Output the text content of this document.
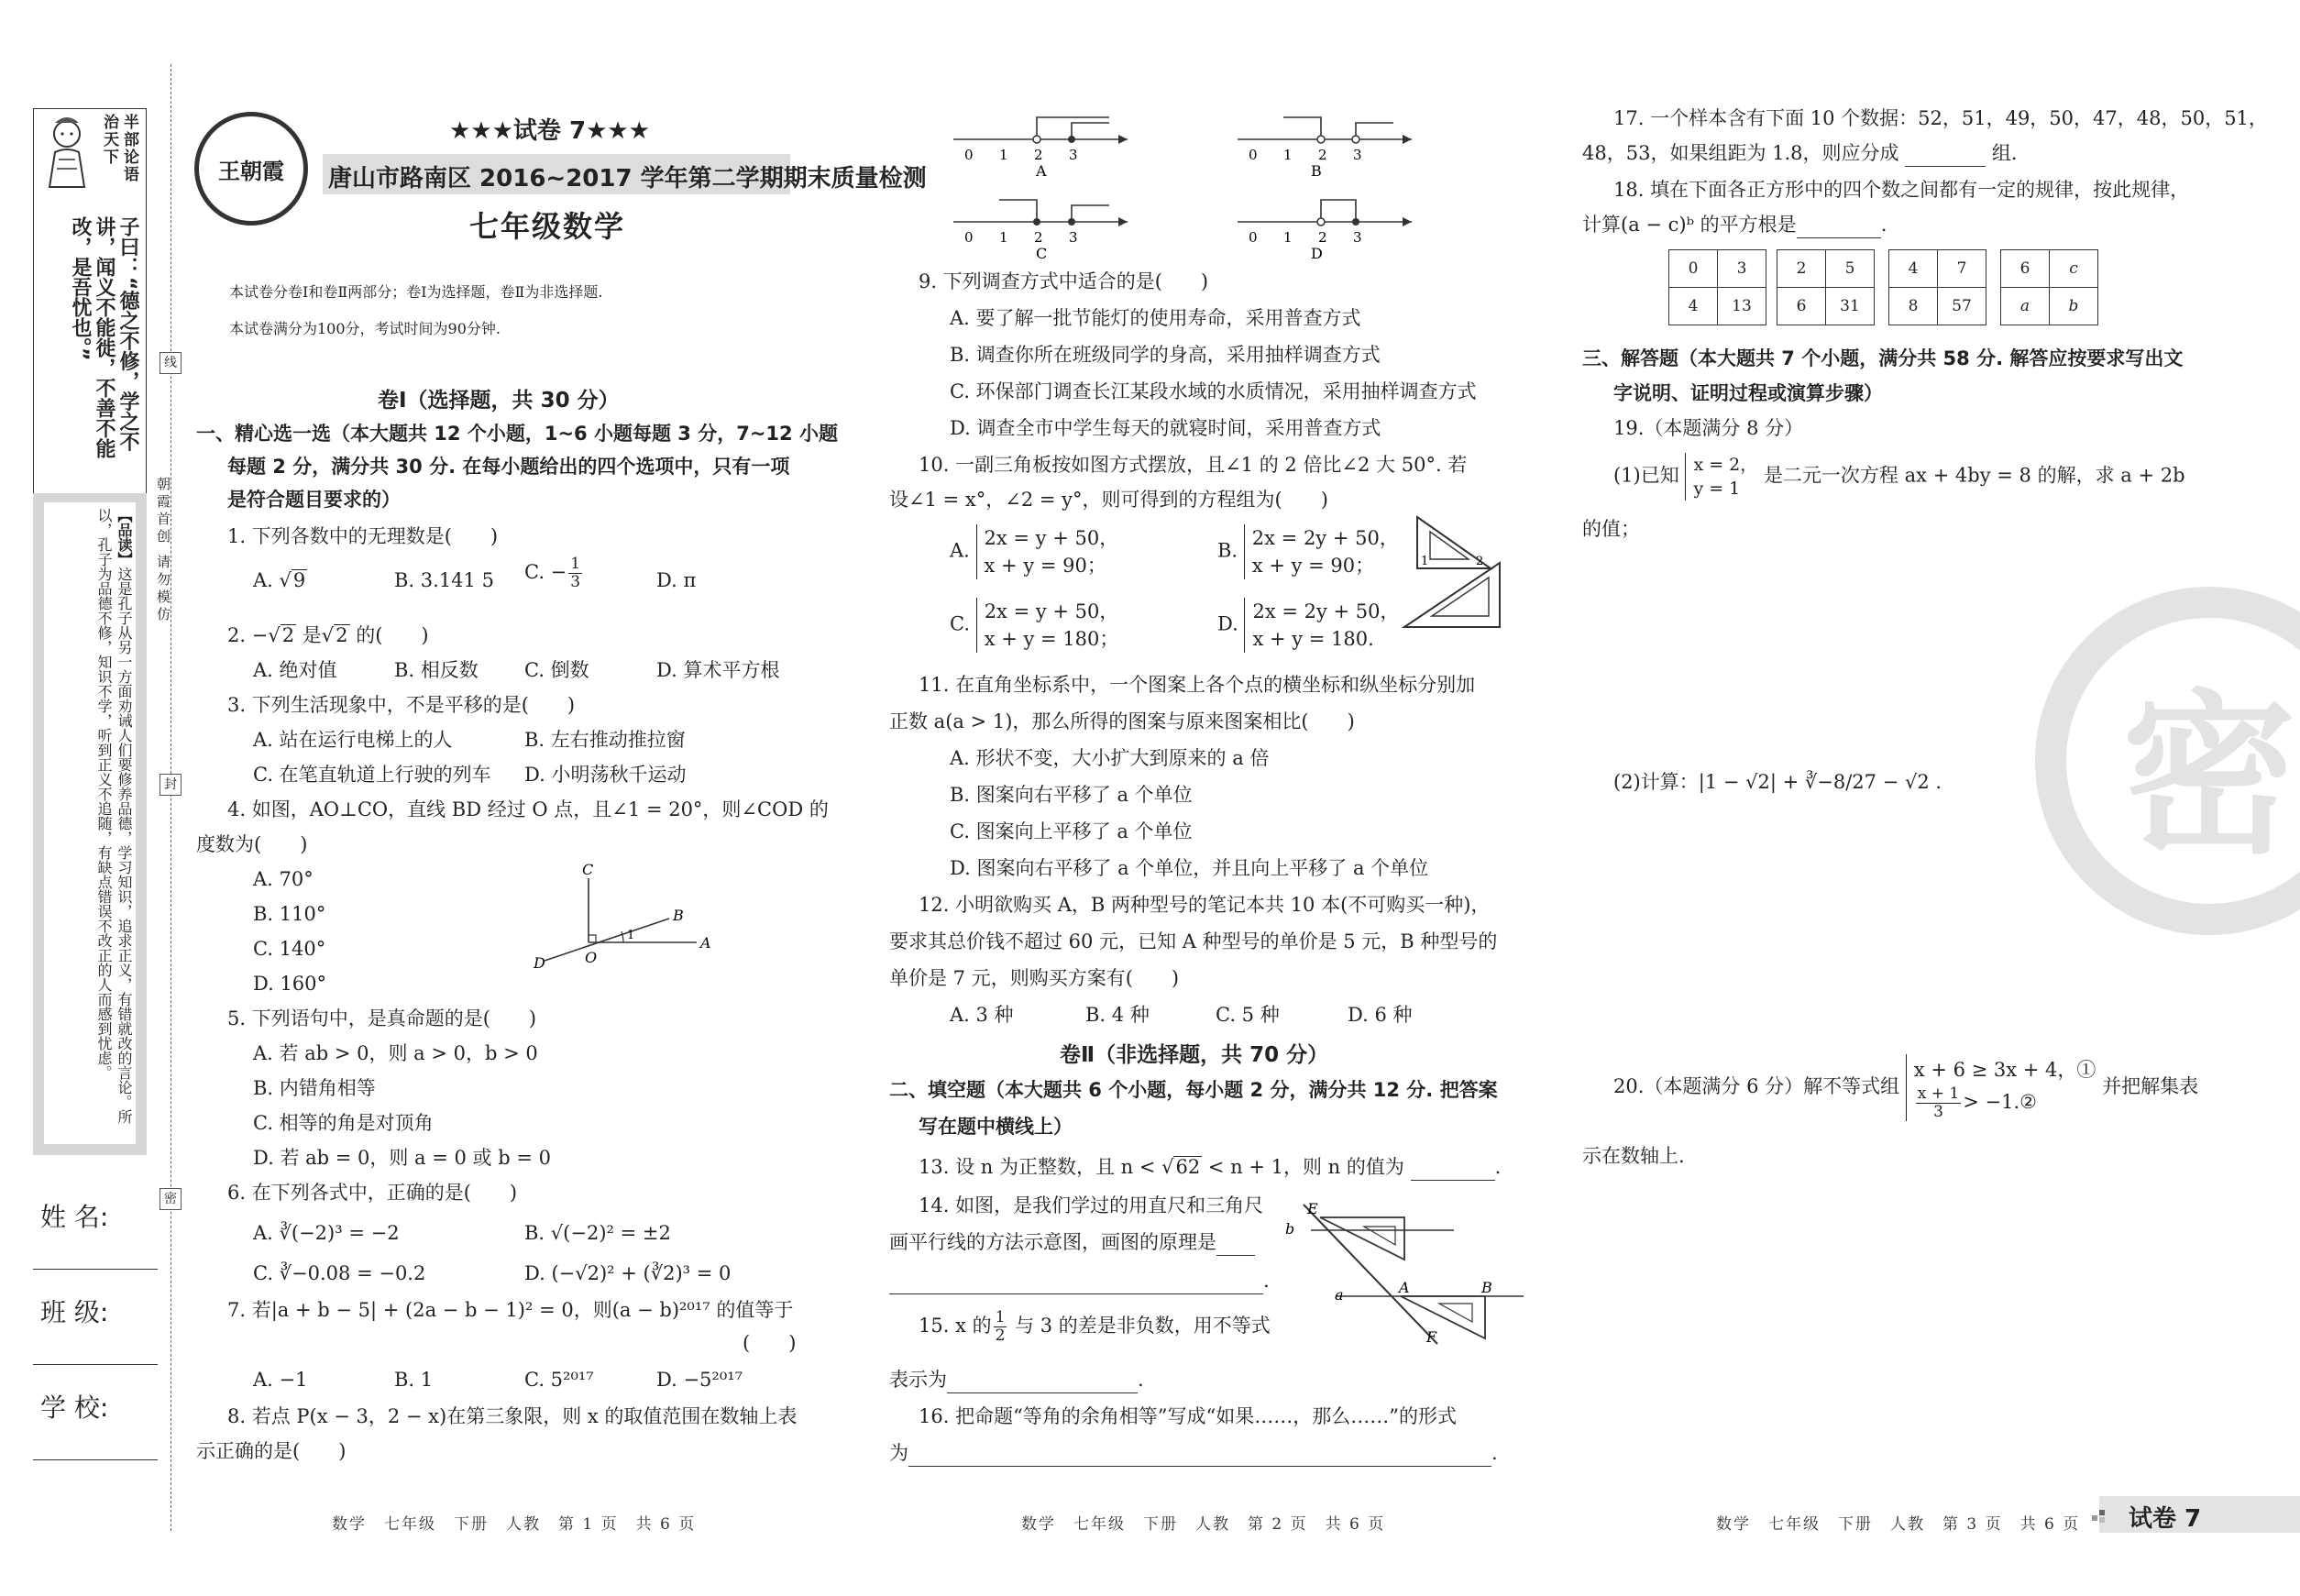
半部论语治天下
子曰：“德之不修，学之不讲，闻义不能徙，不善不能改，是吾忧也。”
【品读】这是孔子从另一方面劝诫人们要修养品德，学习知识，追求正义，有错就改的言论。所以，孔子为品德不修，知识不学，听到正义不追随，有缺点错误不改正的人而感到忧虑。	朝霞首创 请勿模仿
线
封
密
姓 名:
班 级:
学 校:
王朝霞
★★★试卷 7★★★
唐山市路南区 2016~2017 学年第二学期期末质量检测
七年级数学
本试卷分卷Ⅰ和卷Ⅱ两部分；卷Ⅰ为选择题，卷Ⅱ为非选择题.
本试卷满分为100分，考试时间为90分钟.
卷Ⅰ（选择题，共 30 分）
一、精心选一选（本大题共 12 个小题，1~6 小题每题 3 分，7~12 小题
每题 2 分，满分共 30 分. 在每小题给出的四个选项中，只有一项
是符合题目要求的）
1. 下列各数中的无理数是(　　)
A. √9	B. 3.141 5 C. − $\frac{1}{3}$	D. π
2. −√2 是√2 的(　　)
A. 绝对值	B. 相反数 C. 倒数	D. 算术平方根
3. 下列生活现象中，不是平移的是(　　)
A. 站在运行电梯上的人	B. 左右推动推拉窗
C. 在笔直轨道上行驶的列车 D. 小明荡秋千运动
4. 如图，AO⊥CO，直线 BD 经过 O 点，且∠1 = 20°，则∠COD 的
度数为(　　)
A. 70°
B. 110°
C. 140°
D. 160°
C
B
1	A
D	O
5. 下列语句中，是真命题的是(　　)
A. 若 ab > 0，则 a > 0，b > 0
B. 内错角相等
C. 相等的角是对顶角
D. 若 ab = 0，则 a = 0 或 b = 0
6. 在下列各式中，正确的是(　　)
A. ∛(−2)³ = −2	B. √(−2)² = ±2
C. ∛−0.08 = −0.2	D. (−√2)² + (∛2)³ = 0
7. 若|a + b − 5| + (2a − b − 1)² = 0，则(a − b)²⁰¹⁷ 的值等于
(　　)
A. −1	B. 1	C. 5²⁰¹⁷	D. −5²⁰¹⁷
8. 若点 P(x − 3，2 − x)在第三象限，则 x 的取值范围在数轴上表
示正确的是(　　)
数学　七年级　下册　人教　第 1 页　共 6 页
0 1 2 3
A
0 1 2 3
B
0 1 2 3
C
0 1 2 3
D
9. 下列调查方式中适合的是(　　)
A. 要了解一批节能灯的使用寿命，采用普查方式
B. 调查你所在班级同学的身高，采用抽样调查方式
C. 环保部门调查长江某段水域的水质情况，采用抽样调查方式
D. 调查全市中学生每天的就寝时间，采用普查方式
10. 一副三角板按如图方式摆放，且∠1 的 2 倍比∠2 大 50°. 若
设∠1 = x°，∠2 = y°，则可得到的方程组为(　　)
A. 2x = y + 50，
x + y = 90；
B. 2x = 2y + 50，
x + y = 90；
C. 2x = y + 50，
x + y = 180；
D. 2x = 2y + 50，
x + y = 180.
1	2
11. 在直角坐标系中，一个图案上各个点的横坐标和纵坐标分别加
正数 a(a > 1)，那么所得的图案与原来图案相比(　　)
A. 形状不变，大小扩大到原来的 a 倍
B. 图案向右平移了 a 个单位
C. 图案向上平移了 a 个单位
D. 图案向右平移了 a 个单位，并且向上平移了 a 个单位
12. 小明欲购买 A，B 两种型号的笔记本共 10 本(不可购买一种)，
要求其总价钱不超过 60 元，已知 A 种型号的单价是 5 元，B 种型号的
单价是 7 元，则购买方案有(　　)
A. 3 种	B. 4 种	C. 5 种	D. 6 种
卷Ⅱ（非选择题，共 70 分）
二、填空题（本大题共 6 个小题，每小题 2 分，满分共 12 分. 把答案
写在题中横线上）
13. 设 n 为正整数，且 n < √62 < n + 1，则 n 的值为	.
14. 如图，是我们学过的用直尺和三角尺
画平行线的方法示意图，画图的原理是
.
E
b
a	A	B
F
15. x 的 $\frac{1}{2}$ 与 3 的差是非负数，用不等式
表示为	.
16. 把命题“等角的余角相等”写成“如果……，那么……”的形式
为	.
数学　七年级　下册　人教　第 2 页　共 6 页
17. 一个样本含有下面 10 个数据：52，51，49，50，47，48，50，51，
48，53，如果组距为 1.8，则应分成	组.
18. 填在下面各正方形中的四个数之间都有一定的规律，按此规律，
计算(a − c)ᵇ 的平方根是	.
0	3
4	13
2	5
6	31
4	7
8	57
6	c
a	b
三、解答题（本大题共 7 个小题，满分共 58 分. 解答应按要求写出文
字说明、证明过程或演算步骤）
19.（本题满分 8 分）
(1)已知 x = 2，
y = 1 是二元一次方程 ax + 4by = 8 的解，求 a + 2b
的值；
(2)计算：|1 − √2| + ∛−8/27 − √2 . 密
20.（本题满分 6 分）解不等式组 x + 6 ≥ 3x + 4，①

$\frac{x + 1}{3}$ > −1.② 并把解集表
示在数轴上.
数学　七年级　下册　人教　第 3 页　共 6 页 试卷 7
